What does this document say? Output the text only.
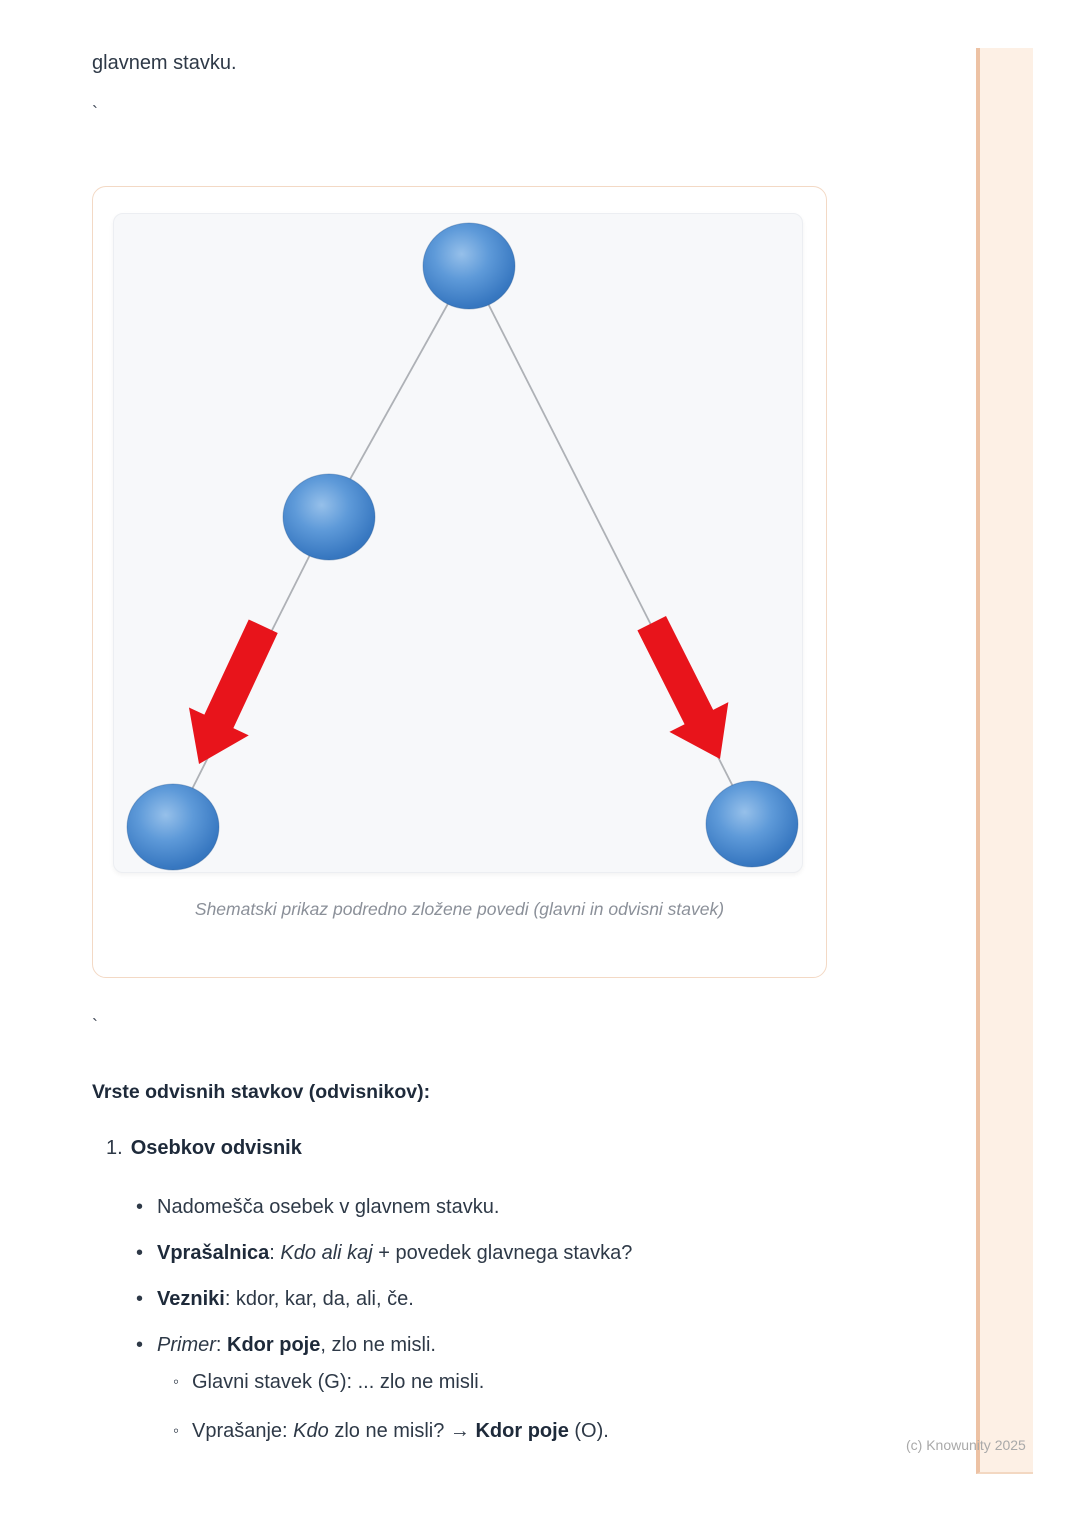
glavnem stavku.
`
Shematski prikaz podredno zložene povedi (glavni in odvisni stavek)
`
Vrste odvisnih stavkov (odvisnikov):
1. Osebkov odvisnik
• Nadomešča osebek v glavnem stavku.
• Vprašalnica: Kdo ali kaj + povedek glavnega stavka?
• Vezniki: kdor, kar, da, ali, če.
• Primer: Kdor poje, zlo ne misli.
◦ Glavni stavek (G): ... zlo ne misli.
◦ Vprašanje: Kdo zlo ne misli? → Kdor poje (O).
(c) Knowunity 2025
